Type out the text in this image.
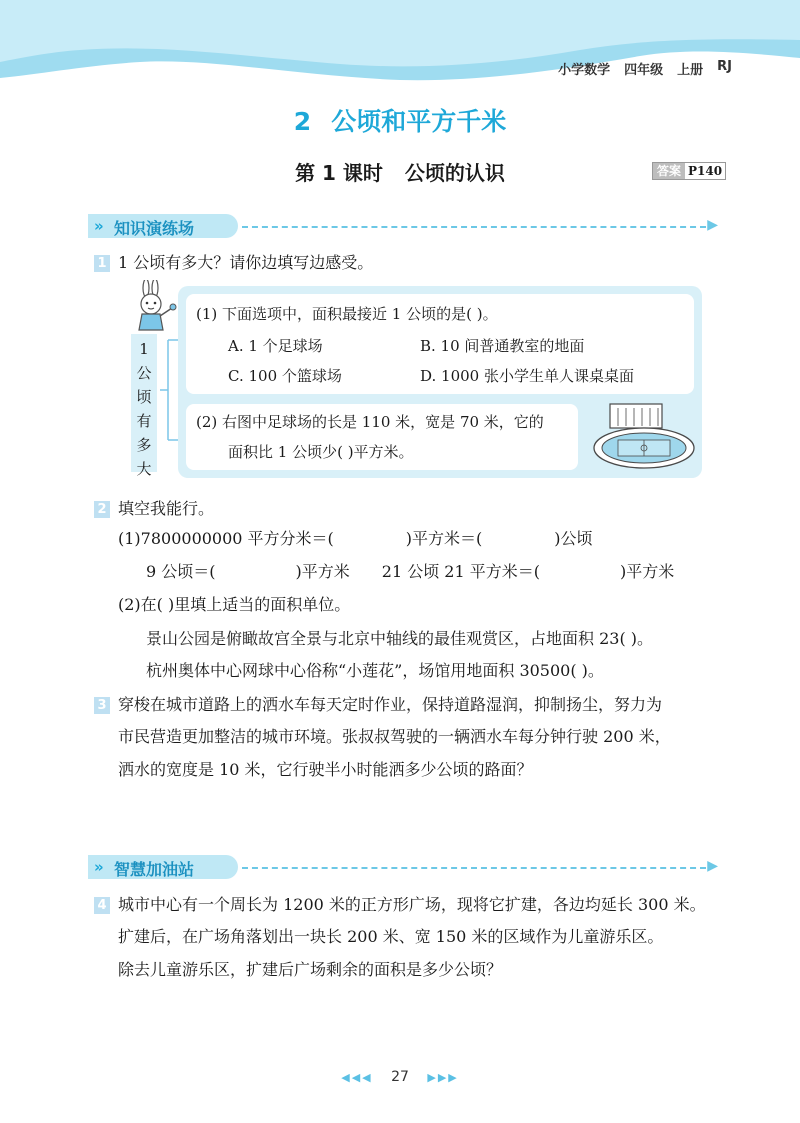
小学数学 四年级 上册 RJ
2 公顷和平方千米
第 1 课时 公顷的认识	答案 P140
» 知识演练场	▶
1 1 公顷有多大？请你边填写边感受。
1
公
顷
有
多
大
(1) 下面选项中，面积最接近 1 公顷的是( )。
A. 1 个足球场	B. 10 间普通教室的地面
C. 100 个篮球场	D. 1000 张小学生单人课桌桌面
(2) 右图中足球场的长是 110 米，宽是 70 米，它的
面积比 1 公顷少( )平方米。
2 填空我能行。
(1)7800000000 平方分米＝(	)平方米＝(	)公顷
9 公顷＝(	)平方米 21 公顷 21 平方米＝(	)平方米
(2)在( )里填上适当的面积单位。
景山公园是俯瞰故宫全景与北京中轴线的最佳观赏区，占地面积 23( )。
杭州奥体中心网球中心俗称“小莲花”，场馆用地面积 30500( )。
3 穿梭在城市道路上的洒水车每天定时作业，保持道路湿润，抑制扬尘，努力为
市民营造更加整洁的城市环境。张叔叔驾驶的一辆洒水车每分钟行驶 200 米，
洒水的宽度是 10 米，它行驶半小时能洒多少公顷的路面？
» 智慧加油站	▶
4 城市中心有一个周长为 1200 米的正方形广场，现将它扩建，各边均延长 300 米。
扩建后，在广场角落划出一块长 200 米、宽 150 米的区域作为儿童游乐区。
除去儿童游乐区，扩建后广场剩余的面积是多少公顷？
◀◀◀ 27 ▶▶▶
